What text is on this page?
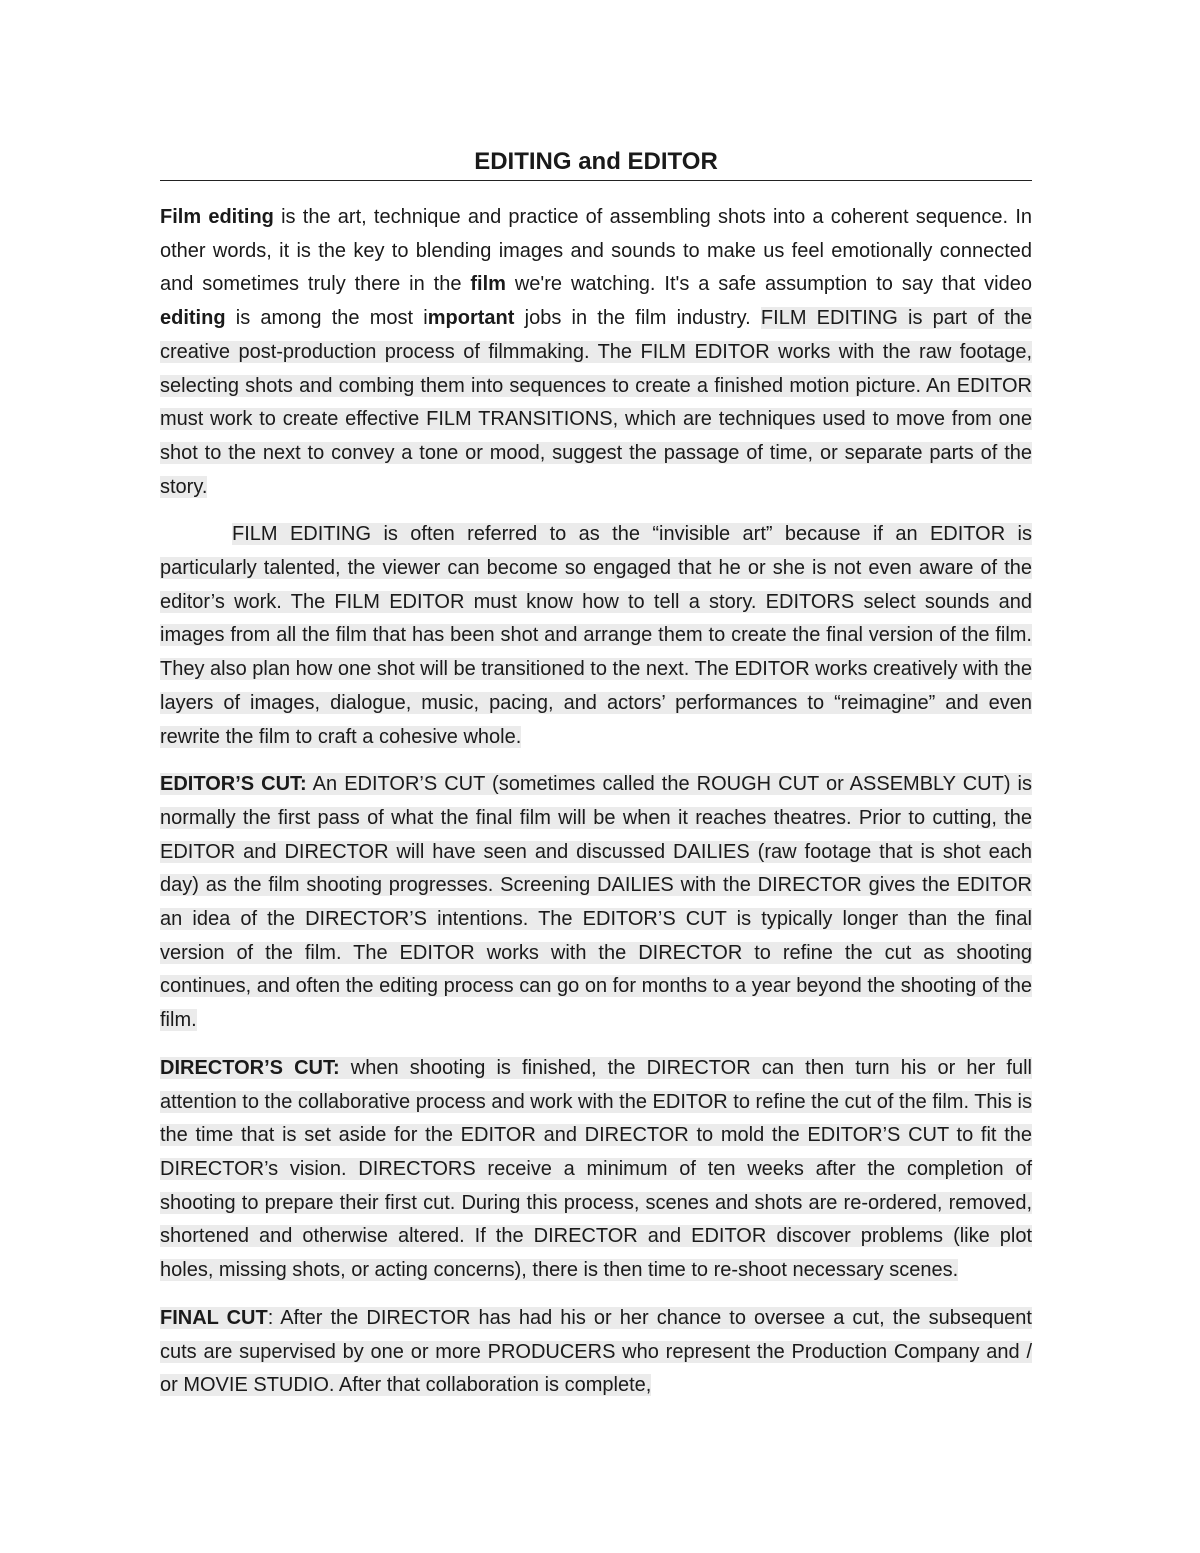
EDITING and EDITOR

Film editing is the art, technique and practice of assembling shots into a coherent sequence. In other words, it is the key to blending images and sounds to make us feel emotionally connected and sometimes truly there in the film we're watching. It's a safe assumption to say that video editing is among the most important jobs in the film industry. FILM EDITING is part of the creative post-production process of filmmaking. The FILM EDITOR works with the raw footage, selecting shots and combing them into sequences to create a finished motion picture. An EDITOR must work to create effective FILM TRANSITIONS, which are techniques used to move from one shot to the next to convey a tone or mood, suggest the passage of time, or separate parts of the story.

FILM EDITING is often referred to as the “invisible art” because if an EDITOR is particularly talented, the viewer can become so engaged that he or she is not even aware of the editor’s work. The FILM EDITOR must know how to tell a story. EDITORS select sounds and images from all the film that has been shot and arrange them to create the final version of the film. They also plan how one shot will be transitioned to the next. The EDITOR works creatively with the layers of images, dialogue, music, pacing, and actors’ performances to “reimagine” and even rewrite the film to craft a cohesive whole.

EDITOR’S CUT: An EDITOR’S CUT (sometimes called the ROUGH CUT or ASSEMBLY CUT) is normally the first pass of what the final film will be when it reaches theatres. Prior to cutting, the EDITOR and DIRECTOR will have seen and discussed DAILIES (raw footage that is shot each day) as the film shooting progresses. Screening DAILIES with the DIRECTOR gives the EDITOR an idea of the DIRECTOR’S intentions. The EDITOR’S CUT is typically longer than the final version of the film. The EDITOR works with the DIRECTOR to refine the cut as shooting continues, and often the editing process can go on for months to a year beyond the shooting of the film.

DIRECTOR’S CUT: when shooting is finished, the DIRECTOR can then turn his or her full attention to the collaborative process and work with the EDITOR to refine the cut of the film. This is the time that is set aside for the EDITOR and DIRECTOR to mold the EDITOR’S CUT to fit the DIRECTOR’s vision. DIRECTORS receive a minimum of ten weeks after the completion of shooting to prepare their first cut. During this process, scenes and shots are re-ordered, removed, shortened and otherwise altered. If the DIRECTOR and EDITOR discover problems (like plot holes, missing shots, or acting concerns), there is then time to re-shoot necessary scenes.

FINAL CUT: After the DIRECTOR has had his or her chance to oversee a cut, the subsequent cuts are supervised by one or more PRODUCERS who represent the Production Company and / or MOVIE STUDIO. After that collaboration is complete,
